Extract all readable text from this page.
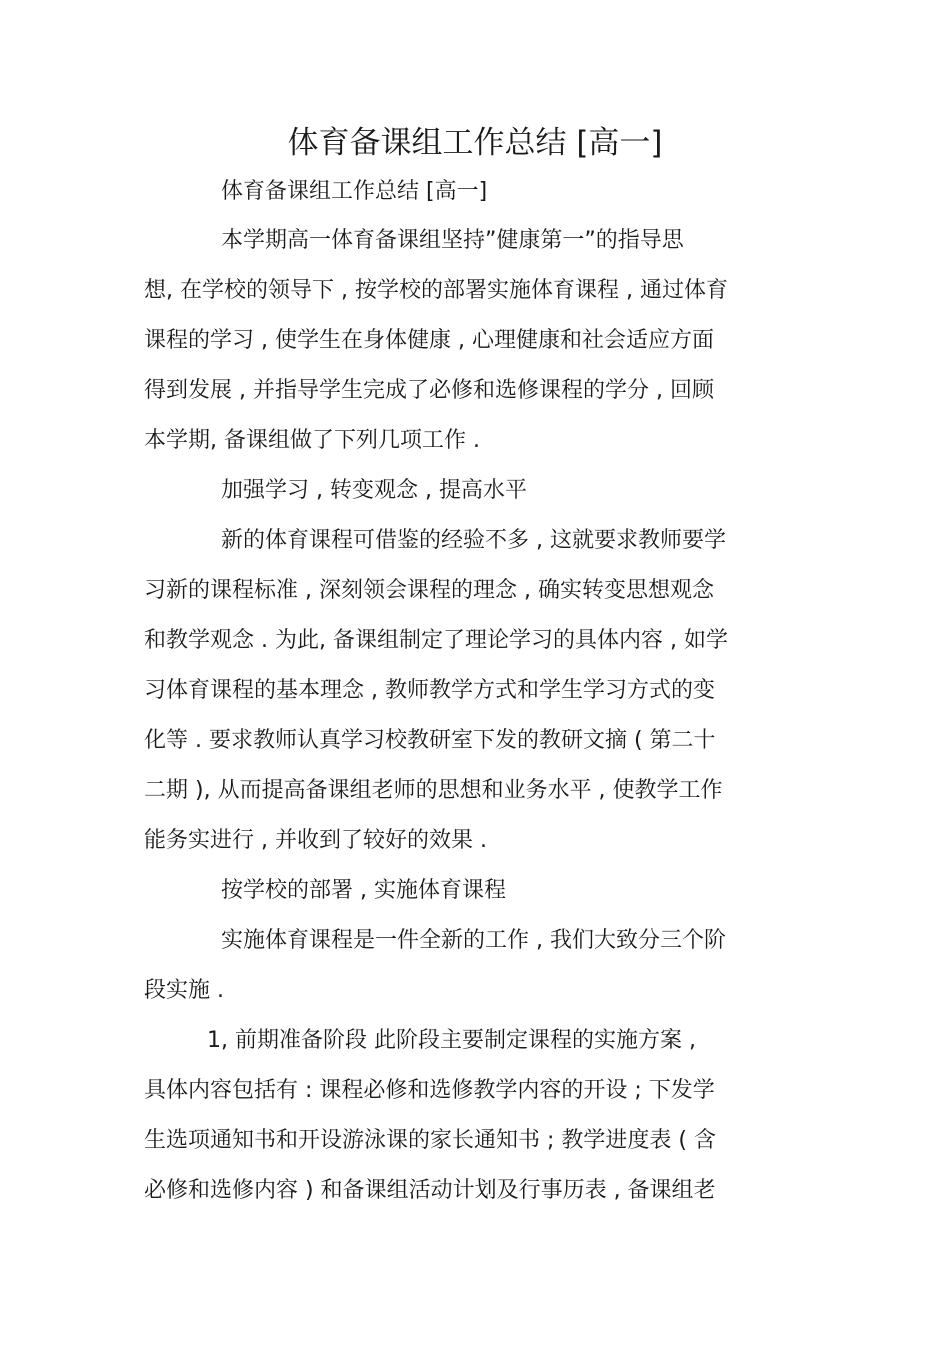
体育备课组工作总结 [高一]
体育备课组工作总结 [高一]
本学期高一体育备课组坚持”健康第一”的指导思
想, 在学校的领导下 , 按学校的部署实施体育课程 , 通过体育
课程的学习 , 使学生在身体健康 , 心理健康和社会适应方面
得到发展 , 并指导学生完成了必修和选修课程的学分 , 回顾
本学期, 备课组做了下列几项工作 .
加强学习 , 转变观念 , 提高水平
新的体育课程可借鉴的经验不多 , 这就要求教师要学
习新的课程标准 , 深刻领会课程的理念 , 确实转变思想观念
和教学观念 . 为此, 备课组制定了理论学习的具体内容 , 如学
习体育课程的基本理念 , 教师教学方式和学生学习方式的变
化等 . 要求教师认真学习校教研室下发的教研文摘 ( 第二十
二期 ), 从而提高备课组老师的思想和业务水平 , 使教学工作
能务实进行 , 并收到了较好的效果 .
按学校的部署 , 实施体育课程
实施体育课程是一件全新的工作 , 我们大致分三个阶
段实施 .
1, 前期准备阶段 此阶段主要制定课程的实施方案 ,
具体内容包括有 : 课程必修和选修教学内容的开设 ; 下发学
生选项通知书和开设游泳课的家长通知书 ; 教学进度表 ( 含
必修和选修内容 ) 和备课组活动计划及行事历表 , 备课组老
